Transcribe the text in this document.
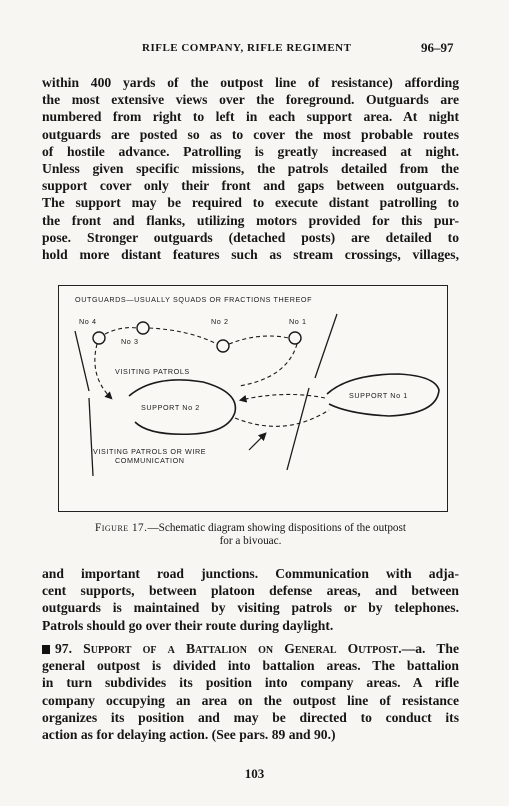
RIFLE COMPANY, RIFLE REGIMENT	96–97
within 400 yards of the outpost line of resistance) affording
the most extensive views over the foreground. Outguards are
numbered from right to left in each support area. At night
outguards are posted so as to cover the most probable routes
of hostile advance. Patrolling is greatly increased at night.
Unless given specific missions, the patrols detailed from the
support cover only their front and gaps between outguards.
The support may be required to execute distant patrolling to
the front and flanks, utilizing motors provided for this pur-
pose. Stronger outguards (detached posts) are detailed to
hold more distant features such as stream crossings, villages,
OUTGUARDS—USUALLY SQUADS OR FRACTIONS THEREOF
No 4
No 3
No 2	No 1
VISITING PATROLS
SUPPORT No 2
SUPPORT No 1
VISITING PATROLS OR WIRE
COMMUNICATION
Figure 17.—Schematic diagram showing dispositions of the outpost
for a bivouac.
and important road junctions. Communication with adja-
cent supports, between platoon defense areas, and between
outguards is maintained by visiting patrols or by telephones.
Patrols should go over their route during daylight.
97. Support of a Battalion on General Outpost.—a. The
general outpost is divided into battalion areas. The battalion
in turn subdivides its position into company areas. A rifle
company occupying an area on the outpost line of resistance
organizes its position and may be directed to conduct its
action as for delaying action. (See pars. 89 and 90.)
103
